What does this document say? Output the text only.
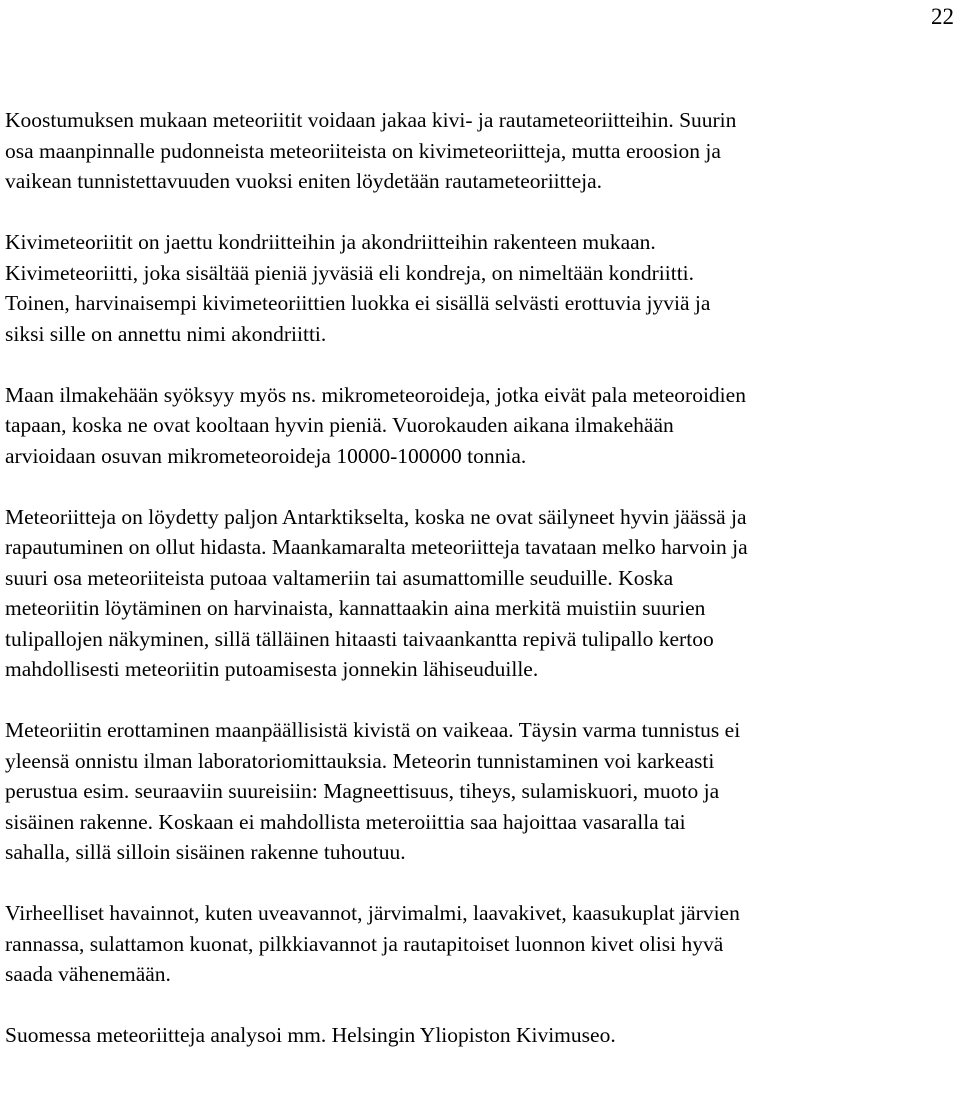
22

Koostumuksen mukaan meteoriitit voidaan jakaa kivi- ja rautameteoriitteihin. Suurin
osa maanpinnalle pudonneista meteoriiteista on kivimeteoriitteja, mutta eroosion ja
vaikean tunnistettavuuden vuoksi eniten löydetään rautameteoriitteja.

Kivimeteoriitit on jaettu kondriitteihin ja akondriitteihin rakenteen mukaan.
Kivimeteoriitti, joka sisältää pieniä jyväsiä eli kondreja, on nimeltään kondriitti.
Toinen, harvinaisempi kivimeteoriittien luokka ei sisällä selvästi erottuvia jyviä ja
siksi sille on annettu nimi akondriitti.

Maan ilmakehään syöksyy myös ns. mikrometeoroideja, jotka eivät pala meteoroidien
tapaan, koska ne ovat kooltaan hyvin pieniä. Vuorokauden aikana ilmakehään
arvioidaan osuvan mikrometeoroideja 10000-100000 tonnia.

Meteoriitteja on löydetty paljon Antarktikselta, koska ne ovat säilyneet hyvin jäässä ja
rapautuminen on ollut hidasta. Maankamaralta meteoriitteja tavataan melko harvoin ja
suuri osa meteoriiteista putoaa valtameriin tai asumattomille seuduille. Koska
meteoriitin löytäminen on harvinaista, kannattaakin aina merkitä muistiin suurien
tulipallojen näkyminen, sillä tälläinen hitaasti taivaankantta repivä tulipallo kertoo
mahdollisesti meteoriitin putoamisesta jonnekin lähiseuduille.

Meteoriitin erottaminen maanpäällisistä kivistä on vaikeaa. Täysin varma tunnistus ei
yleensä onnistu ilman laboratoriomittauksia. Meteorin tunnistaminen voi karkeasti
perustua esim. seuraaviin suureisiin: Magneettisuus, tiheys, sulamiskuori, muoto ja
sisäinen rakenne. Koskaan ei mahdollista meteroiittia saa hajoittaa vasaralla tai
sahalla, sillä silloin sisäinen rakenne tuhoutuu.

Virheelliset havainnot, kuten uveavannot, järvimalmi, laavakivet, kaasukuplat järvien
rannassa, sulattamon kuonat, pilkkiavannot ja rautapitoiset luonnon kivet olisi hyvä
saada vähenemään.

Suomessa meteoriitteja analysoi mm. Helsingin Yliopiston Kivimuseo.
